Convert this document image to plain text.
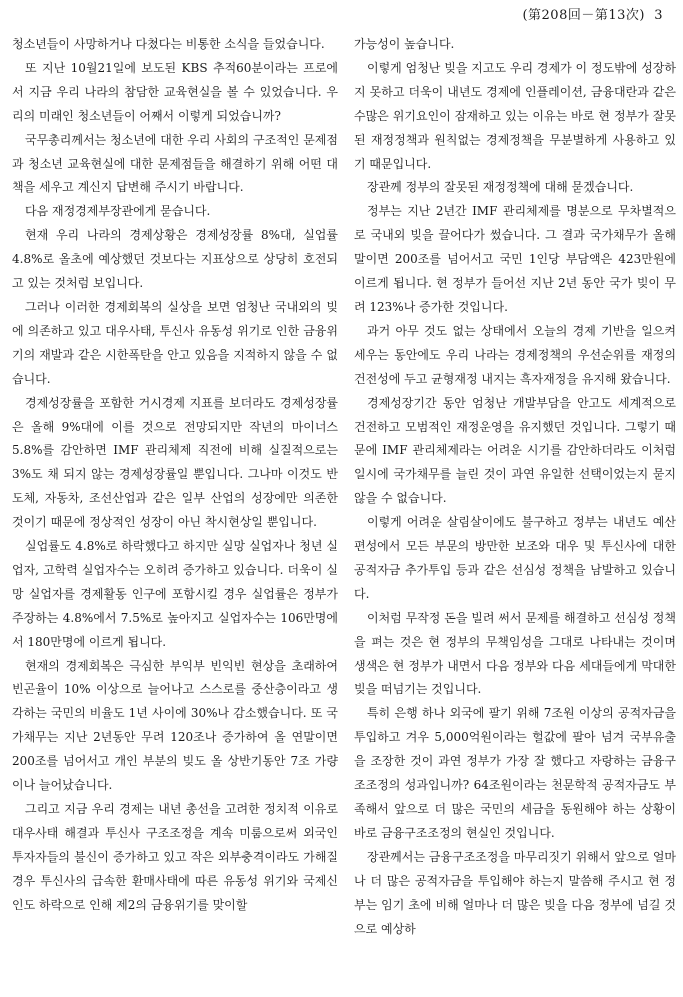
(第208回－第13次) 3

청소년들이 사망하거나 다쳤다는 비통한 소식을 들었습니다.

또 지난 10월21일에 보도된 KBS 추적60분이라는 프로에서 지금 우리 나라의 참담한 교육현실을 볼 수 있었습니다. 우리의 미래인 청소년들이 어째서 이렇게 되었습니까?

국무총리께서는 청소년에 대한 우리 사회의 구조적인 문제점과 청소년 교육현실에 대한 문제점들을 해결하기 위해 어떤 대책을 세우고 계신지 답변해 주시기 바랍니다.

다음 재정경제부장관에게 묻습니다.

현재 우리 나라의 경제상황은 경제성장률 8%대, 실업률 4.8%로 올초에 예상했던 것보다는 지표상으로 상당히 호전되고 있는 것처럼 보입니다.

그러나 이러한 경제회복의 실상을 보면 엄청난 국내외의 빚에 의존하고 있고 대우사태, 투신사 유동성 위기로 인한 금융위기의 재발과 같은 시한폭탄을 안고 있음을 지적하지 않을 수 없습니다.

경제성장률을 포함한 거시경제 지표를 보더라도 경제성장률은 올해 9%대에 이를 것으로 전망되지만 작년의 마이너스 5.8%를 감안하면 IMF 관리체제 직전에 비해 실질적으로는 3%도 채 되지 않는 경제성장률일 뿐입니다. 그나마 이것도 반도체, 자동차, 조선산업과 같은 일부 산업의 성장에만 의존한 것이기 때문에 정상적인 성장이 아닌 착시현상일 뿐입니다.

실업률도 4.8%로 하락했다고 하지만 실망 실업자나 청년 실업자, 고학력 실업자수는 오히려 증가하고 있습니다. 더욱이 실망 실업자를 경제활동 인구에 포함시킬 경우 실업률은 정부가 주장하는 4.8%에서 7.5%로 높아지고 실업자수는 106만명에서 180만명에 이르게 됩니다.

현재의 경제회복은 극심한 부익부 빈익빈 현상을 초래하여 빈곤율이 10% 이상으로 늘어나고 스스로를 중산층이라고 생각하는 국민의 비율도 1년 사이에 30%나 감소했습니다. 또 국가채무는 지난 2년동안 무려 120조나 증가하여 올 연말이면 200조를 넘어서고 개인 부분의 빚도 올 상반기동안 7조 가량이나 늘어났습니다.

그리고 지금 우리 경제는 내년 총선을 고려한 정치적 이유로 대우사태 해결과 투신사 구조조정을 계속 미룸으로써 외국인 투자자들의 불신이 증가하고 있고 작은 외부충격이라도 가해질 경우 투신사의 급속한 환매사태에 따른 유동성 위기와 국제신인도 하락으로 인해 제2의 금융위기를 맞이할

가능성이 높습니다.

이렇게 엄청난 빚을 지고도 우리 경제가 이 정도밖에 성장하지 못하고 더욱이 내년도 경제에 인플레이션, 금융대란과 같은 수많은 위기요인이 잠재하고 있는 이유는 바로 현 정부가 잘못된 재정정책과 원칙없는 경제정책을 무분별하게 사용하고 있기 때문입니다.

장관께 정부의 잘못된 재정정책에 대해 묻겠습니다.

정부는 지난 2년간 IMF 관리체제를 명분으로 무차별적으로 국내외 빚을 끌어다가 썼습니다. 그 결과 국가채무가 올해 말이면 200조를 넘어서고 국민 1인당 부담액은 423만원에 이르게 됩니다. 현 정부가 들어선 지난 2년 동안 국가 빚이 무려 123%나 증가한 것입니다.

과거 아무 것도 없는 상태에서 오늘의 경제 기반을 일으켜 세우는 동안에도 우리 나라는 경제정책의 우선순위를 재정의 건전성에 두고 균형재정 내지는 흑자재정을 유지해 왔습니다.

경제성장기간 동안 엄청난 개발부담을 안고도 세계적으로 건전하고 모범적인 재정운영을 유지했던 것입니다. 그렇기 때문에 IMF 관리체제라는 어려운 시기를 감안하더라도 이처럼 일시에 국가채무를 늘린 것이 과연 유일한 선택이었는지 묻지 않을 수 없습니다.

이렇게 어려운 살림살이에도 불구하고 정부는 내년도 예산편성에서 모든 부문의 방만한 보조와 대우 및 투신사에 대한 공적자금 추가투입 등과 같은 선심성 정책을 남발하고 있습니다.

이처럼 무작정 돈을 빌려 써서 문제를 해결하고 선심성 정책을 펴는 것은 현 정부의 무책임성을 그대로 나타내는 것이며 생색은 현 정부가 내면서 다음 정부와 다음 세대들에게 막대한 빚을 떠넘기는 것입니다.

특히 은행 하나 외국에 팔기 위해 7조원 이상의 공적자금을 투입하고 겨우 5,000억원이라는 헐값에 팔아 넘겨 국부유출을 조장한 것이 과연 정부가 가장 잘 했다고 자랑하는 금융구조조정의 성과입니까? 64조원이라는 천문학적 공적자금도 부족해서 앞으로 더 많은 국민의 세금을 동원해야 하는 상황이 바로 금융구조조정의 현실인 것입니다.

장관께서는 금융구조조정을 마무리짓기 위해서 앞으로 얼마나 더 많은 공적자금을 투입해야 하는지 말씀해 주시고 현 정부는 임기 초에 비해 얼마나 더 많은 빚을 다음 정부에 넘길 것으로 예상하
